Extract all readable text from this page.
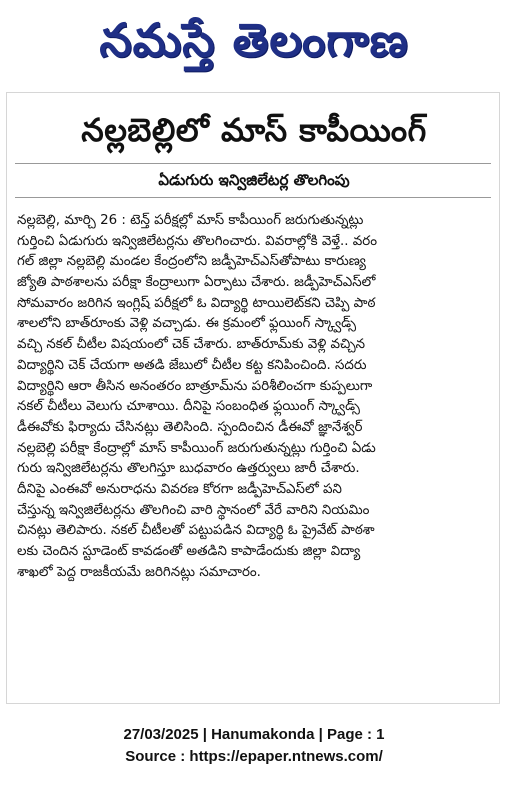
నమస్తే తెలంగాణ
నల్లబెల్లిలో మాస్ కాపీయింగ్
ఏడుగురు ఇన్విజిలేటర్ల తొలగింపు
నల్లబెల్లి, మార్చి 26 : టెన్త్ పరీక్షల్లో మాస్ కాపీయింగ్ జరుగుతున్నట్లు
గుర్తించి ఏడుగురు ఇన్విజిలేటర్లను తొలగించారు. వివరాల్లోకి వెళ్తే.. వరం
గల్ జిల్లా నల్లబెల్లి మండల కేంద్రంలోని జడ్పీహెచ్ఎస్‌తోపాటు కారుణ్య
జ్యోతి పాఠశాలను పరీక్షా కేంద్రాలుగా ఏర్పాటు చేశారు. జడ్పీహెచ్ఎస్‌లో
సోమవారం జరిగిన ఇంగ్లిష్ పరీక్షలో ఓ విద్యార్థి టాయిలెట్‌కని చెప్పి పాఠ
శాలలోని బాత్‌రూంకు వెళ్లి వచ్చాడు. ఈ క్రమంలో ఫ్లయింగ్ స్క్వాడ్స్
వచ్చి నకల్ చీటీల విషయంలో చెక్ చేశారు. బాత్‌రూమ్‌కు వెళ్లి వచ్చిన
విద్యార్థిని చెక్ చేయగా అతడి జేబులో చీటీల కట్ట కనిపించింది. సదరు
విద్యార్థిని ఆరా తీసిన అనంతరం బాత్రూమ్‌ను పరిశీలించగా కుప్పలుగా
నకల్ చీటీలు వెలుగు చూశాయి. దీనిపై సంబంధిత ఫ్లయింగ్ స్క్వాడ్స్
డీఈవోకు ఫిర్యాదు చేసినట్లు తెలిసింది. స్పందించిన డీఈవో జ్ఞానేశ్వర్
నల్లబెల్లి పరీక్షా కేంద్రాల్లో మాస్ కాపీయింగ్ జరుగుతున్నట్లు గుర్తించి ఏడు
గురు ఇన్విజిలేటర్లను తొలగిస్తూ బుధవారం ఉత్తర్వులు జారీ చేశారు.
దీనిపై ఎంఈవో అనురాధను వివరణ కోరగా జడ్పీహెచ్ఎస్‌లో పని
చేస్తున్న ఇన్విజిలేటర్లను తొలగించి వారి స్థానంలో వేరే వారిని నియమిం
చినట్లు తెలిపారు. నకల్ చీటీలతో పట్టుపడిన విద్యార్థి ఓ ప్రైవేట్ పాఠశా
లకు చెందిన స్టూడెంట్ కావడంతో అతడిని కాపాడేందుకు జిల్లా విద్యా
శాఖలో పెద్ద రాజకీయమే జరిగినట్లు సమాచారం.
27/03/2025 | Hanumakonda | Page : 1
Source : https://epaper.ntnews.com/
